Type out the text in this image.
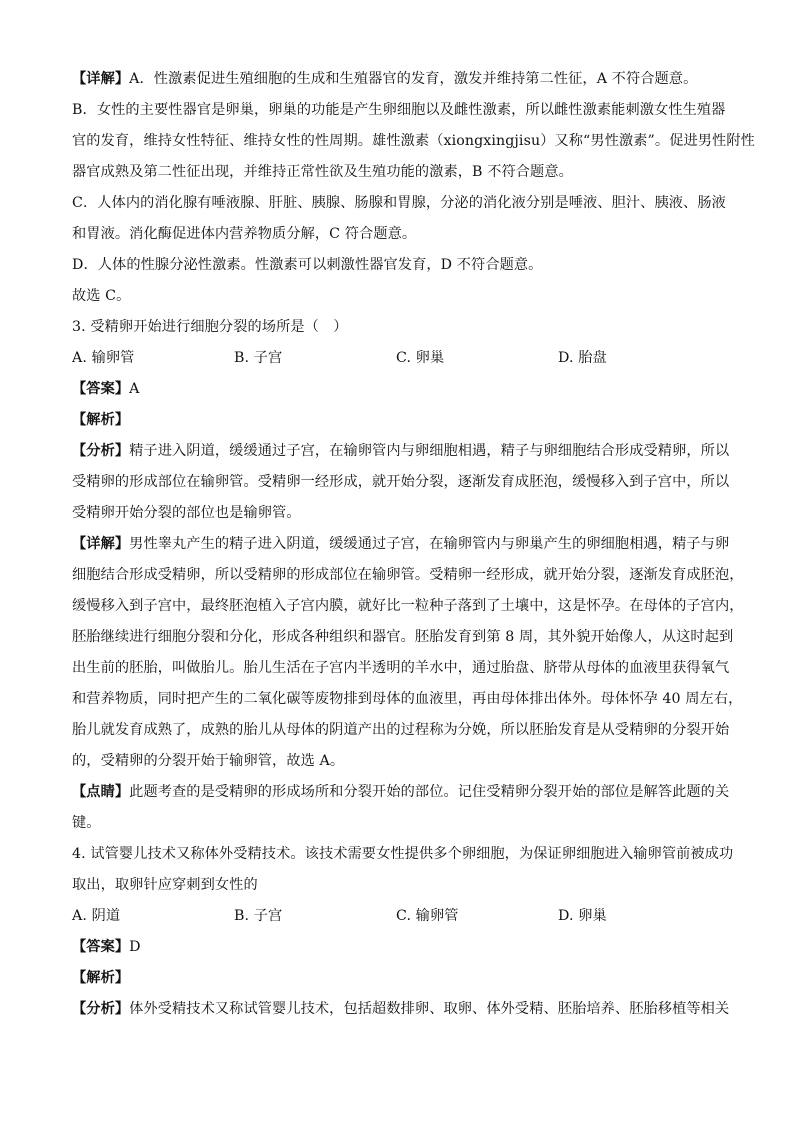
【详解】A．性激素促进生殖细胞的生成和生殖器官的发育，激发并维持第二性征，A 不符合题意。
B．女性的主要性器官是卵巢，卵巢的功能是产生卵细胞以及雌性激素，所以雌性激素能刺激女性生殖器
官的发育，维持女性特征、维持女性的性周期。雄性激素（xiongxingjisu）又称“男性激素”。促进男性附性
器官成熟及第二性征出现，并维持正常性欲及生殖功能的激素，B 不符合题意。
C．人体内的消化腺有唾液腺、肝脏、胰腺、肠腺和胃腺，分泌的消化液分别是唾液、胆汁、胰液、肠液
和胃液。消化酶促进体内营养物质分解，C 符合题意。
D．人体的性腺分泌性激素。性激素可以刺激性器官发育，D 不符合题意。
故选 C。
3. 受精卵开始进行细胞分裂的场所是（　）
A. 输卵管	B. 子宫	C. 卵巢	D. 胎盘
【答案】A
【解析】
【分析】精子进入阴道，缓缓通过子宫，在输卵管内与卵细胞相遇，精子与卵细胞结合形成受精卵，所以
受精卵的形成部位在输卵管。受精卵一经形成，就开始分裂，逐渐发育成胚泡，缓慢移入到子宫中，所以
受精卵开始分裂的部位也是输卵管。
【详解】男性睾丸产生的精子进入阴道，缓缓通过子宫，在输卵管内与卵巢产生的卵细胞相遇，精子与卵
细胞结合形成受精卵，所以受精卵的形成部位在输卵管。受精卵一经形成，就开始分裂，逐渐发育成胚泡，
缓慢移入到子宫中，最终胚泡植入子宫内膜，就好比一粒种子落到了土壤中，这是怀孕。在母体的子宫内，
胚胎继续进行细胞分裂和分化，形成各种组织和器官。胚胎发育到第 8 周，其外貌开始像人，从这时起到
出生前的胚胎，叫做胎儿。胎儿生活在子宫内半透明的羊水中，通过胎盘、脐带从母体的血液里获得氧气
和营养物质，同时把产生的二氧化碳等废物排到母体的血液里，再由母体排出体外。母体怀孕 40 周左右，
胎儿就发育成熟了，成熟的胎儿从母体的阴道产出的过程称为分娩，所以胚胎发育是从受精卵的分裂开始
的，受精卵的分裂开始于输卵管，故选 A。
【点睛】此题考查的是受精卵的形成场所和分裂开始的部位。记住受精卵分裂开始的部位是解答此题的关
键。
4. 试管婴儿技术又称体外受精技术。该技术需要女性提供多个卵细胞，为保证卵细胞进入输卵管前被成功
取出，取卵针应穿刺到女性的
A. 阴道	B. 子宫	C. 输卵管	D. 卵巢
【答案】D
【解析】
【分析】体外受精技术又称试管婴儿技术，包括超数排卵、取卵、体外受精、胚胎培养、胚胎移植等相关
